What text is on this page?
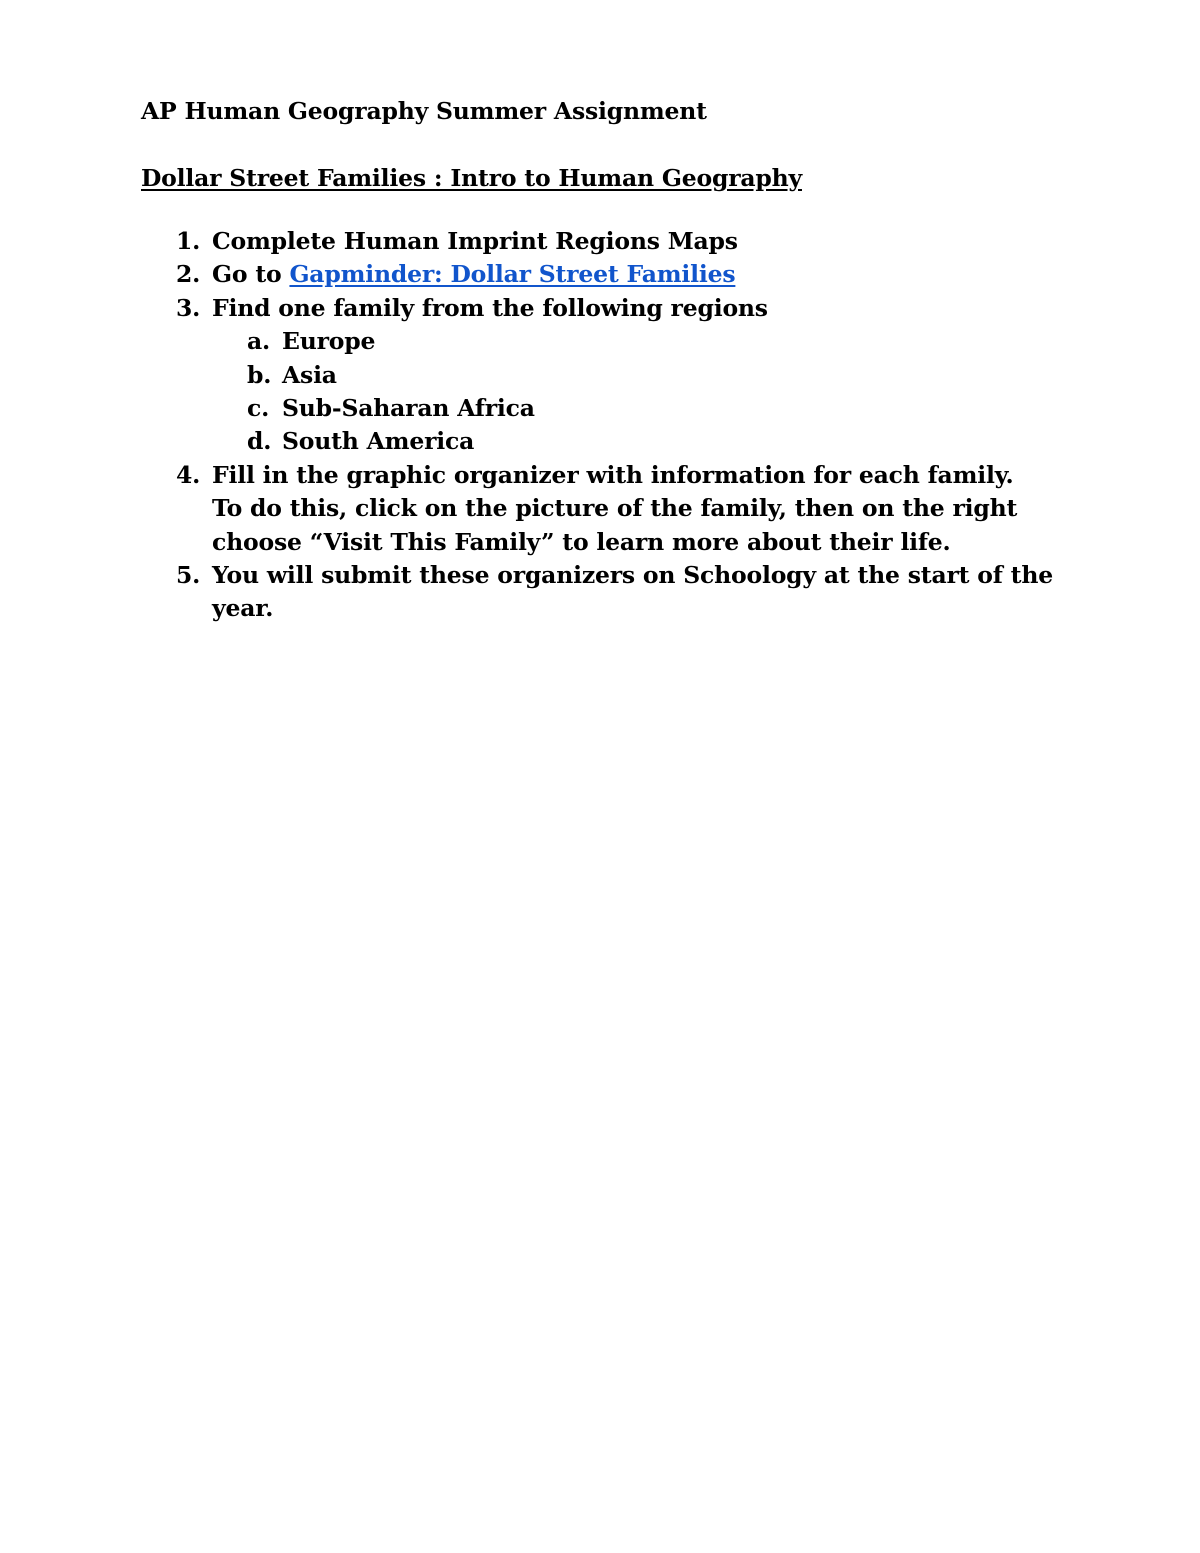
AP Human Geography Summer Assignment
Dollar Street Families : Intro to Human Geography
1. Complete Human Imprint Regions Maps
2. Go to Gapminder: Dollar Street Families
3. Find one family from the following regions
a. Europe
b. Asia
c. Sub-Saharan Africa
d. South America
4. Fill in the graphic organizer with information for each family.
To do this, click on the picture of the family, then on the right
choose “Visit This Family” to learn more about their life.
5. You will submit these organizers on Schoology at the start of the
year.
